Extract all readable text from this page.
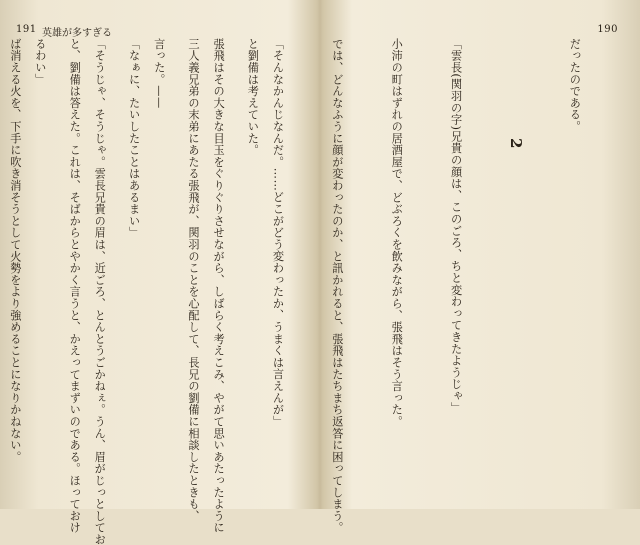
191 英雄が多すぎる

と劉備は考えていた。

三人義兄弟の末弟にあたる張飛が、関羽のことを心配して、長兄の劉備に相談したときも、

「なぁに、たいしたことはあるまい」

と、劉備は答えた。これは、そばからとやかく言うと、かえってまずいのである。ほっておけ

ば消える火を、下手に吹き消そうとして火勢をより強めることになりかねない。

190

だったのである。

2

「雲長(関羽の字)兄貴の顔は、このごろ、ちと変わってきたようじゃ」

小沛の町はずれの居酒屋で、どぶろくを飲みながら、張飛はそう言った。

では、どんなふうに顔が変わったのか、と訊かれると、張飛はたちまち返答に困ってしまう。

「そんなかんじなんだ。……どこがどう変わったか、うまくは言えんが」

張飛はその大きな目玉をぐりぐりさせながら、しばらく考えこみ、やがて思いあたったように

言った。——

「そうじゃ、そうじゃ。雲長兄貴の眉は、近ごろ、とんとうごかねぇ。うん、眉がじっとしてお

るわい」
